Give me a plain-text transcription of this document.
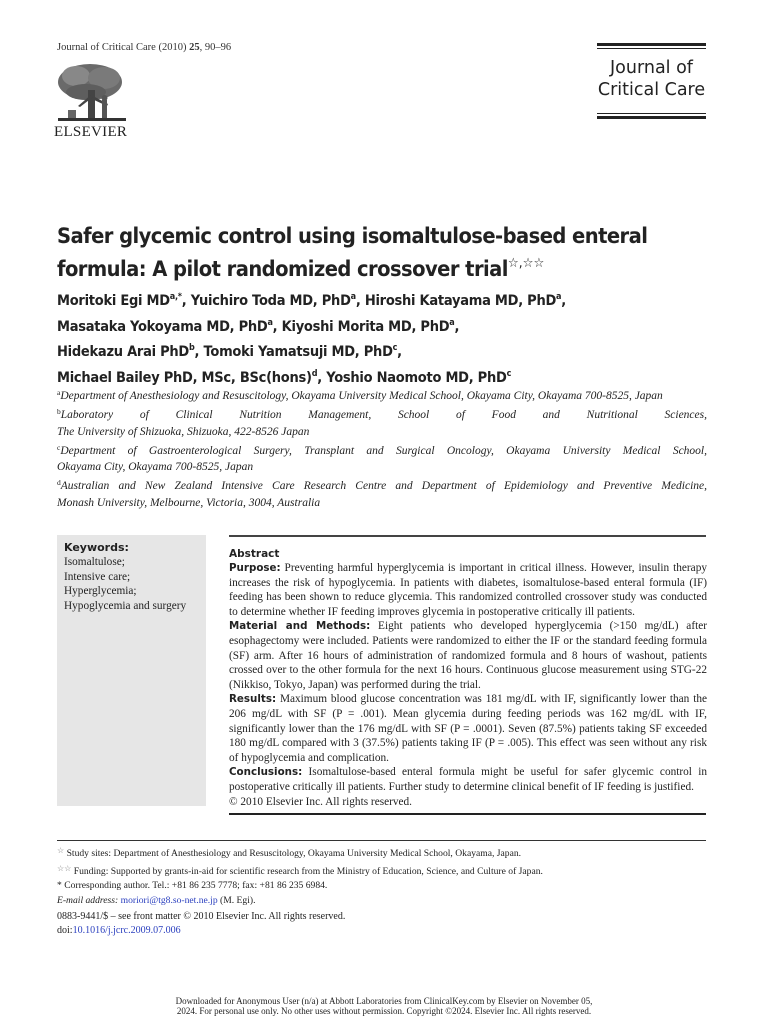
Journal of Critical Care (2010) 25, 90–96
ELSEVIER
Journal of
Critical Care
Safer glycemic control using isomaltulose-based enteral
formula: A pilot randomized crossover trial☆,☆☆
Moritoki Egi $MD^{a,*}$, Yuichiro Toda MD, PhD$^a$, Hiroshi Katayama MD, PhD$^a$,
Masataka Yokoyama MD, PhD$^a$, Kiyoshi Morita MD, PhD$^a$,
Hidekazu Arai PhD$^b$, Tomoki Yamatsuji MD, PhD$^c$,
Michael Bailey PhD, MSc, BSc(hons)$^d$, Yoshio Naomoto MD, PhD$^c$
$^a$Department of Anesthesiology and Resuscitology, Okayama University Medical School, Okayama City, Okayama 700-8525, Japan
$^b$Laboratory of Clinical Nutrition Management, School of Food and Nutritional Sciences,
The University of Shizuoka, Shizuoka, 422-8526 Japan
$^c$Department of Gastroenterological Surgery, Transplant and Surgical Oncology, Okayama University Medical School,
Okayama City, Okayama 700-8525, Japan
$^d$Australian and New Zealand Intensive Care Research Centre and Department of Epidemiology and Preventive Medicine,
Monash University, Melbourne, Victoria, 3004, Australia
Keywords:
Isomaltulose;
Intensive care;
Hyperglycemia;
Hypoglycemia and surgery
Abstract

Purpose: Preventing harmful hyperglycemia is important in critical illness. However, insulin therapy increases the risk of hypoglycemia. In patients with diabetes, isomaltulose-based enteral formula (IF) feeding has been shown to reduce glycemia. This randomized controlled crossover study was conducted to determine whether IF feeding improves glycemia in postoperative critically ill patients.

Material and Methods: Eight patients who developed hyperglycemia (>150 mg/dL) after esophagectomy were included. Patients were randomized to either the IF or the standard feeding formula (SF) arm. After 16 hours of administration of randomized formula and 8 hours of washout, patients crossed over to the other formula for the next 16 hours. Continuous glucose measurement using STG-22 (Nikkiso, Tokyo, Japan) was performed during the trial.

Results: Maximum blood glucose concentration was 181 mg/dL with IF, significantly lower than the 206 mg/dL with SF (P = .001). Mean glycemia during feeding periods was 162 mg/dL with IF, significantly lower than the 176 mg/dL with SF (P = .0001). Seven (87.5%) patients taking SF exceeded 180 mg/dL compared with 3 (37.5%) patients taking IF (P = .005). This effect was seen without any risk of hypoglycemia and complication.

Conclusions: Isomaltulose-based enteral formula might be useful for safer glycemic control in postoperative critically ill patients. Further study to determine clinical benefit of IF feeding is justified.

© 2010 Elsevier Inc. All rights reserved.

☆ Study sites: Department of Anesthesiology and Resuscitology, Okayama University Medical School, Okayama, Japan.
☆☆ Funding: Supported by grants-in-aid for scientific research from the Ministry of Education, Science, and Culture of Japan.
* Corresponding author. Tel.: +81 86 235 7778; fax: +81 86 235 6984.
E-mail address: moriori@tg8.so-net.ne.jp (M. Egi).
0883-9441/$ – see front matter © 2010 Elsevier Inc. All rights reserved.
doi:10.1016/j.jcrc.2009.07.006
Downloaded for Anonymous User (n/a) at Abbott Laboratories from ClinicalKey.com by Elsevier on November 05,
2024. For personal use only. No other uses without permission. Copyright ©2024. Elsevier Inc. All rights reserved.
